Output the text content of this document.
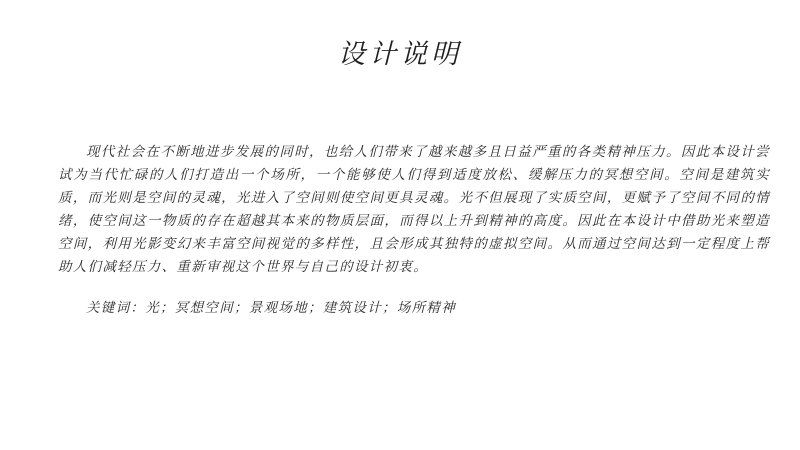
设计说明

现代社会在不断地进步发展的同时，也给人们带来了越来越多且日益严重的各类精神压力。因此本设计尝试为当代忙碌的人们打造出一个场所，一个能够使人们得到适度放松、缓解压力的冥想空间。空间是建筑实质，而光则是空间的灵魂，光进入了空间则使空间更具灵魂。光不但展现了实质空间，更赋予了空间不同的情绪，使空间这一物质的存在超越其本来的物质层面，而得以上升到精神的高度。因此在本设计中借助光来塑造空间，利用光影变幻来丰富空间视觉的多样性，且会形成其独特的虚拟空间。从而通过空间达到一定程度上帮助人们减轻压力、重新审视这个世界与自己的设计初衷。

关键词：光；冥想空间；景观场地；建筑设计；场所精神
